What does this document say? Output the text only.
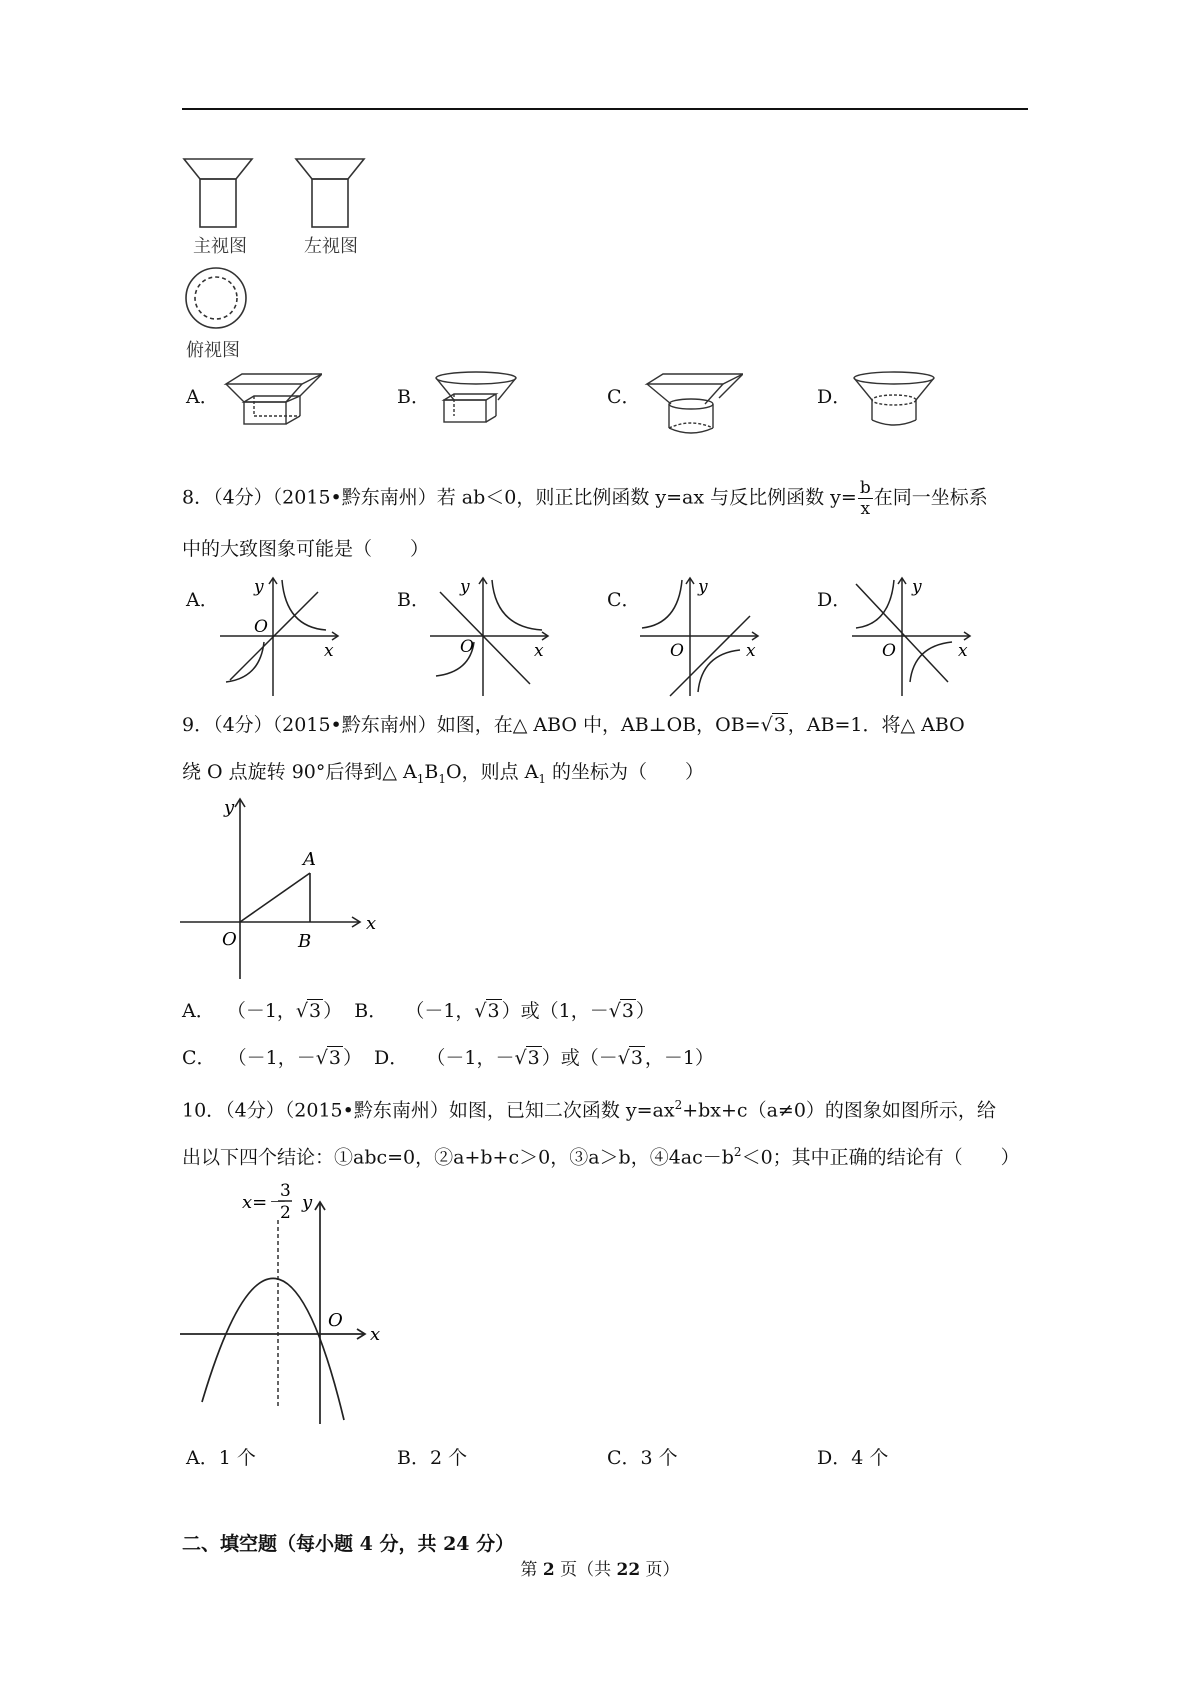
主视图	左视图
俯视图
A．	B．	C．	D．
8．（4分）（2015•黔东南州）若 ab＜0，则正比例函数 y=ax 与反比例函数 $y= \frac{b}{x}$ 在同一坐标系
中的大致图象可能是（　　）
A．	B．	C．	D．
y
x
O
y
x
O
y
x
O
y
x
O
9．（4分）（2015•黔东南州）如图，在△ ABO 中，AB⊥OB，OB=√3 ，AB=1．将△ ABO
绕 O 点旋转 90°后得到△ $A_1B_1O$，则点 $A_1$ 的坐标为（　　）
y
x
A
B
O
A． （－1，√3 ） B． （－1，√3 ）或（1，－√3 ）
C． （－1，－√3 ） D． （－1，－√3 ）或（－√3 ，－1）
10．（4分）（2015•黔东南州）如图，已知二次函数 $y=ax^2+bx+c(a\ne 0)$的图象如图所示，给
出以下四个结论：①abc=0，②a+b+c＞0，③a＞b，$④4ac-b^2<0$；其中正确的结论有（　　）
x=－
3
2 y
x
O
A．1 个	B．2 个	C．3 个	D．4 个
二、填空题（每小题 4 分，共 24 分）
第 2 页（共 22 页）
